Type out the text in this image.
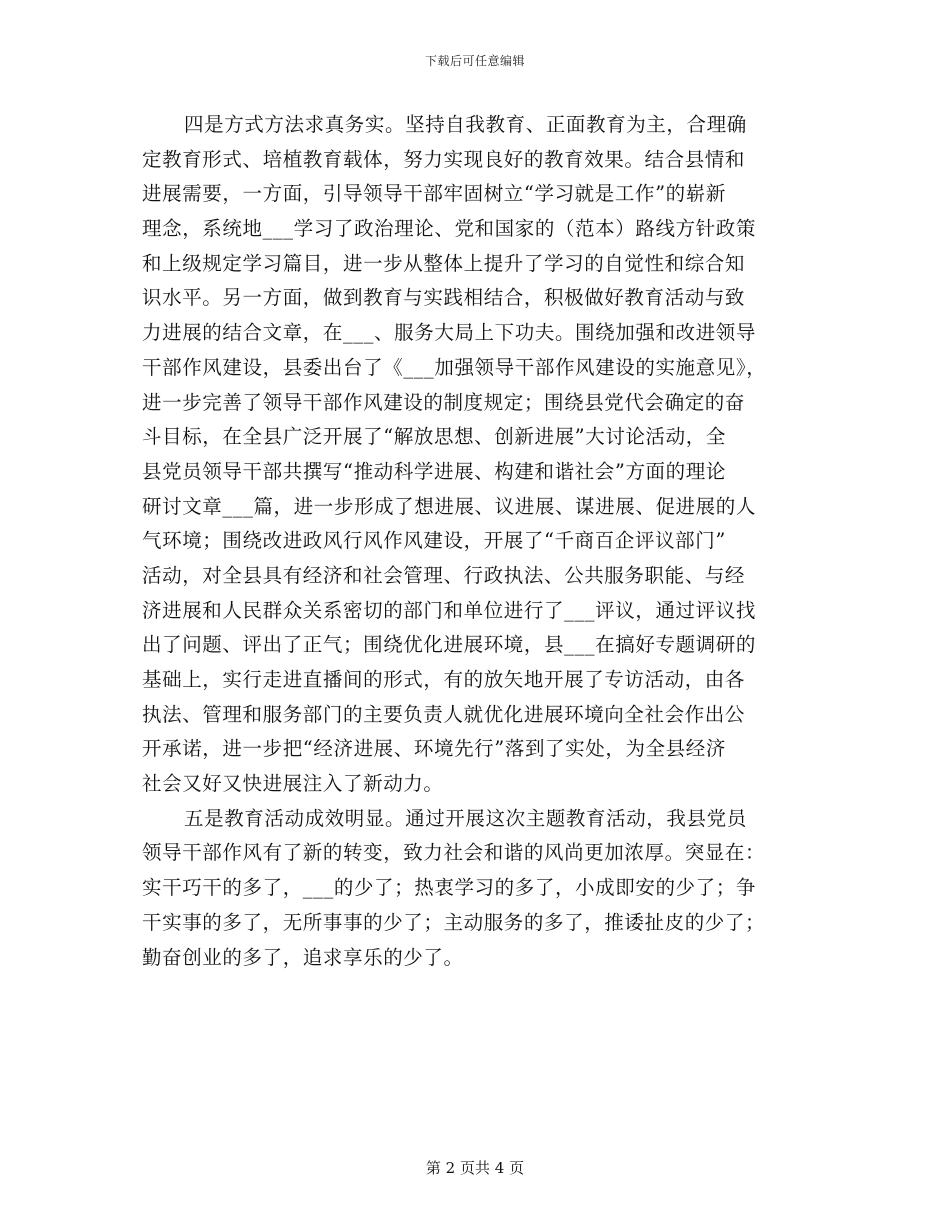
下载后可任意编辑
四是方式方法求真务实。坚持自我教育、正面教育为主，合理确
定教育形式、培植教育载体，努力实现良好的教育效果。结合县情和
进展需要，一方面，引导领导干部牢固树立“学习就是工作”的崭新
理念，系统地___学习了政治理论、党和国家的（范本）路线方针政策
和上级规定学习篇目，进一步从整体上提升了学习的自觉性和综合知
识水平。另一方面，做到教育与实践相结合，积极做好教育活动与致
力进展的结合文章，在___、服务大局上下功夫。围绕加强和改进领导
干部作风建设，县委出台了《___加强领导干部作风建设的实施意见》，
进一步完善了领导干部作风建设的制度规定；围绕县党代会确定的奋
斗目标，在全县广泛开展了“解放思想、创新进展”大讨论活动，全
县党员领导干部共撰写“推动科学进展、构建和谐社会”方面的理论
研讨文章___篇，进一步形成了想进展、议进展、谋进展、促进展的人
气环境；围绕改进政风行风作风建设，开展了“千商百企评议部门”
活动，对全县具有经济和社会管理、行政执法、公共服务职能、与经
济进展和人民群众关系密切的部门和单位进行了___评议，通过评议找
出了问题、评出了正气；围绕优化进展环境，县___在搞好专题调研的
基础上，实行走进直播间的形式，有的放矢地开展了专访活动，由各
执法、管理和服务部门的主要负责人就优化进展环境向全社会作出公
开承诺，进一步把“经济进展、环境先行”落到了实处，为全县经济
社会又好又快进展注入了新动力。
五是教育活动成效明显。通过开展这次主题教育活动，我县党员
领导干部作风有了新的转变，致力社会和谐的风尚更加浓厚。突显在：
实干巧干的多了，___的少了；热衷学习的多了，小成即安的少了；争
干实事的多了，无所事事的少了；主动服务的多了，推诿扯皮的少了；
勤奋创业的多了，追求享乐的少了。
第 2 页共 4 页
